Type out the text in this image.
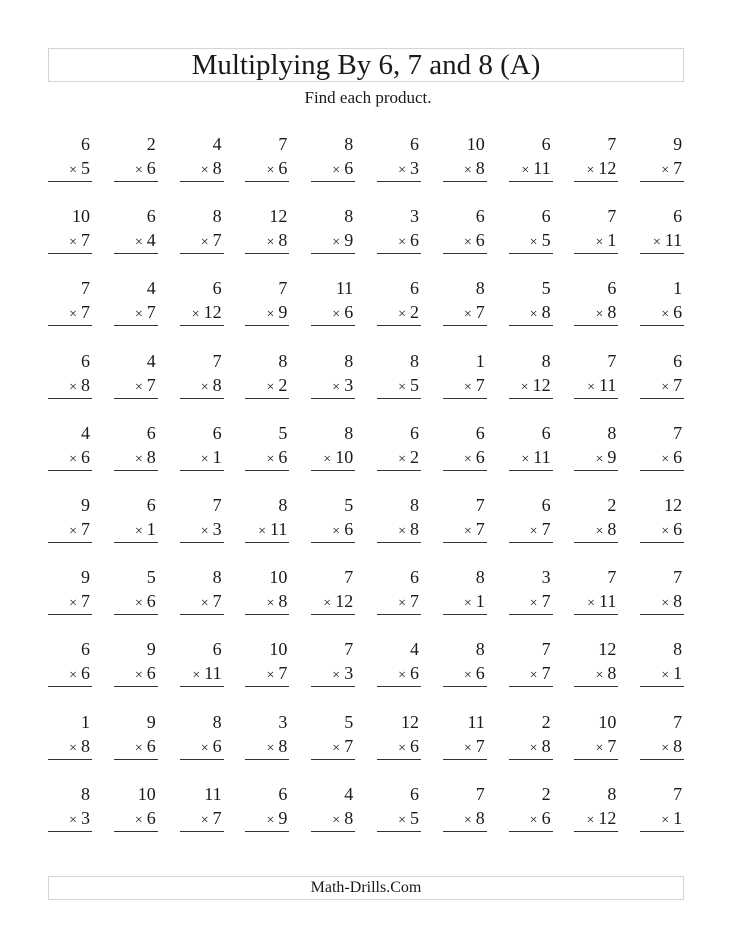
Multiplying By 6, 7 and 8 (A)
Find each product.
6
× 5
2
× 6
4
× 8
7
× 6
8
× 6
6
× 3
10
× 8
6
× 11
7
× 12
9
× 7
10
× 7
6
× 4
8
× 7
12
× 8
8
× 9
3
× 6
6
× 6
6
× 5
7
× 1
6
× 11
7
× 7
4
× 7
6
× 12
7
× 9
11
× 6
6
× 2
8
× 7
5
× 8
6
× 8
1
× 6
6
× 8
4
× 7
7
× 8
8
× 2
8
× 3
8
× 5
1
× 7
8
× 12
7
× 11
6
× 7
4
× 6
6
× 8
6
× 1
5
× 6
8
× 10
6
× 2
6
× 6
6
× 11
8
× 9
7
× 6
9
× 7
6
× 1
7
× 3
8
× 11
5
× 6
8
× 8
7
× 7
6
× 7
2
× 8
12
× 6
9
× 7
5
× 6
8
× 7
10
× 8
7
× 12
6
× 7
8
× 1
3
× 7
7
× 11
7
× 8
6
× 6
9
× 6
6
× 11
10
× 7
7
× 3
4
× 6
8
× 6
7
× 7
12
× 8
8
× 1
1
× 8
9
× 6
8
× 6
3
× 8
5
× 7
12
× 6
11
× 7
2
× 8
10
× 7
7
× 8
8
× 3
10
× 6
11
× 7
6
× 9
4
× 8
6
× 5
7
× 8
2
× 6
8
× 12
7
× 1
Math-Drills.Com
